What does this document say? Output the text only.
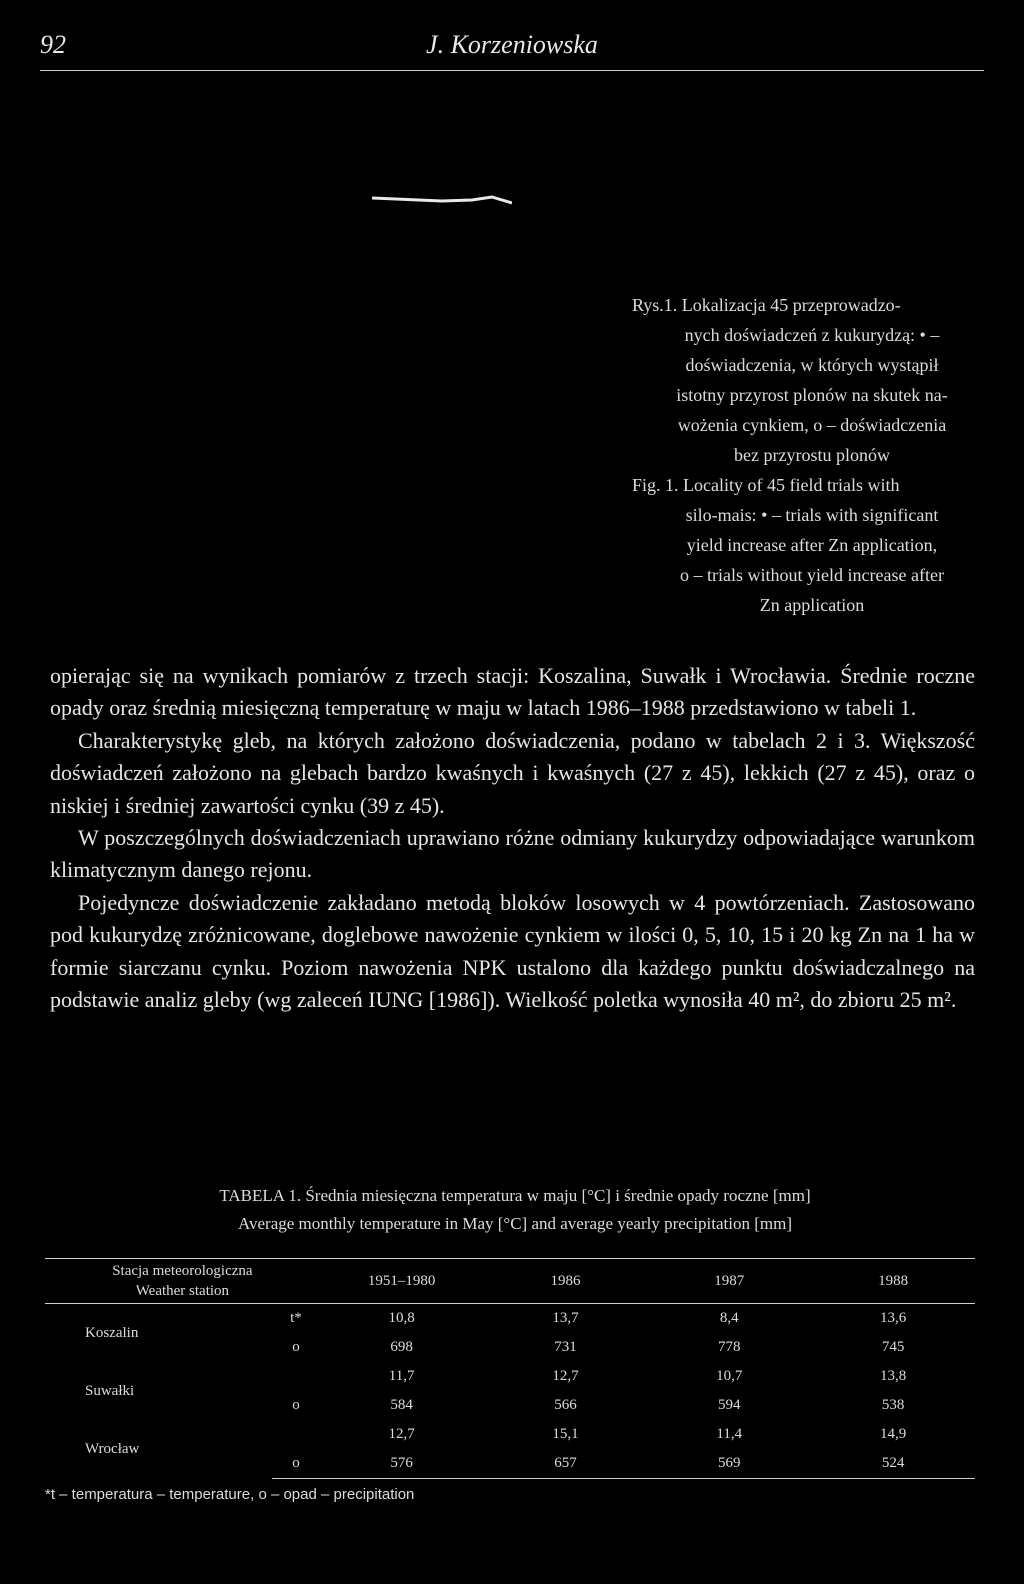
92	J. Korzeniowska

Rys.1. Lokalizacja 45 przeprowadzo-

nych doświadczeń z kukurydzą: • –

doświadczenia, w których wystąpił

istotny przyrost plonów na skutek na-

wożenia cynkiem, o – doświadczenia

bez przyrostu plonów

Fig. 1. Locality of 45 field trials with

silo-mais: • – trials with significant

yield increase after Zn application,

o – trials without yield increase after

Zn application

opierając się na wynikach pomiarów z trzech stacji: Koszalina, Suwałk i Wrocławia. Średnie roczne opady oraz średnią miesięczną temperaturę w maju w latach 1986–1988 przedstawiono w tabeli 1.

Charakterystykę gleb, na których założono doświadczenia, podano w tabelach 2 i 3. Większość doświadczeń założono na glebach bardzo kwaśnych i kwaśnych (27 z 45), lekkich (27 z 45), oraz o niskiej i średniej zawartości cynku (39 z 45).

W poszczególnych doświadczeniach uprawiano różne odmiany kukurydzy odpowiadające warunkom klimatycznym danego rejonu.

Pojedyncze doświadczenie zakładano metodą bloków losowych w 4 powtórzeniach. Zastosowano pod kukurydzę zróżnicowane, doglebowe nawożenie cynkiem w ilości 0, 5, 10, 15 i 20 kg Zn na 1 ha w formie siarczanu cynku. Poziom nawożenia NPK ustalono dla każdego punktu doświadczalnego na podstawie analiz gleby (wg zaleceń IUNG [1986]). Wielkość poletka wynosiła 40 m², do zbioru 25 m².

TABELA 1. Średnia miesięczna temperatura w maju [°C] i średnie opady roczne [mm]

Average monthly temperature in May [°C] and average yearly precipitation [mm]

Stacja meteorologiczna
Weather station		1951–1980	1986	1987	1988
Koszalin	t*	10,8	13,7	8,4	13,6
	o	698	731	778	745
Suwałki		11,7	12,7	10,7	13,8
	o	584	566	594	538
Wrocław		12,7	15,1	11,4	14,9
	o	576	657	569	524
*t – temperatura – temperature, o – opad – precipitation
